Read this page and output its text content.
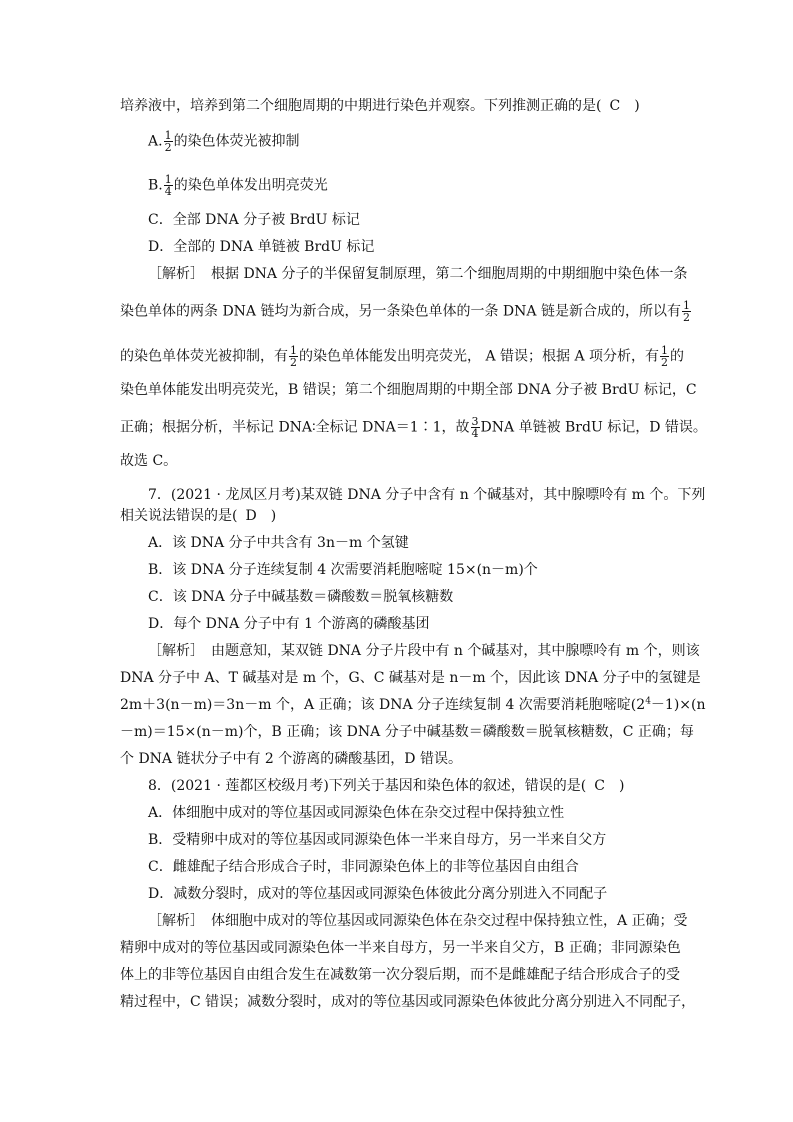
培养液中，培养到第二个细胞周期的中期进行染色并观察。下列推测正确的是( C )
A. $\frac{1}{2}$ 的染色体荧光被抑制
B. $\frac{1}{4}$ 的染色单体发出明亮荧光
C．全部 DNA 分子被 BrdU 标记
D．全部的 DNA 单链被 BrdU 标记
［解析］　根据 DNA 分子的半保留复制原理，第二个细胞周期的中期细胞中染色体一条
染色单体的两条 DNA 链均为新合成，另一条染色单体的一条 DNA 链是新合成的，所以有 $\frac{1}{2}$
的染色单体荧光被抑制，有 $\frac{1}{2}$ 的染色单体能发出明亮荧光， A 错误；根据 A 项分析，有 $\frac{1}{2}$ 的
染色单体能发出明亮荧光，B 错误；第二个细胞周期的中期全部 DNA 分子被 BrdU 标记，C
正确；根据分析，半标记 DNA∶全标记 DNA＝1∶1，故 $\frac{3}{4}$ DNA 单链被 BrdU 标记，D 错误。
故选 C。
7．(2021 · 龙凤区月考)某双链 DNA 分子中含有 n 个碱基对，其中腺嘌呤有 m 个。下列
相关说法错误的是( D )
A．该 DNA 分子中共含有 3n－m 个氢键
B．该 DNA 分子连续复制 4 次需要消耗胞嘧啶 15×(n－m)个
C．该 DNA 分子中碱基数＝磷酸数＝脱氧核糖数
D．每个 DNA 分子中有 1 个游离的磷酸基团
［解析］　由题意知，某双链 DNA 分子片段中有 n 个碱基对，其中腺嘌呤有 m 个，则该
DNA 分子中 A、T 碱基对是 m 个，G、C 碱基对是 n－m 个，因此该 DNA 分子中的氢键是
2m＋3(n－m)＝3n－m 个，A 正确；该 DNA 分子连续复制 4 次需要消耗胞嘧啶$(2^4-1)\times(n$
－m)＝15×(n－m)个，B 正确；该 DNA 分子中碱基数＝磷酸数＝脱氧核糖数，C 正确；每
个 DNA 链状分子中有 2 个游离的磷酸基团，D 错误。
8．(2021 · 莲都区校级月考)下列关于基因和染色体的叙述，错误的是( C )
A．体细胞中成对的等位基因或同源染色体在杂交过程中保持独立性
B．受精卵中成对的等位基因或同源染色体一半来自母方，另一半来自父方
C．雌雄配子结合形成合子时，非同源染色体上的非等位基因自由组合
D．减数分裂时，成对的等位基因或同源染色体彼此分离分别进入不同配子
［解析］　体细胞中成对的等位基因或同源染色体在杂交过程中保持独立性，A 正确；受
精卵中成对的等位基因或同源染色体一半来自母方，另一半来自父方，B 正确；非同源染色
体上的非等位基因自由组合发生在减数第一次分裂后期，而不是雌雄配子结合形成合子的受
精过程中，C 错误；减数分裂时，成对的等位基因或同源染色体彼此分离分别进入不同配子，
